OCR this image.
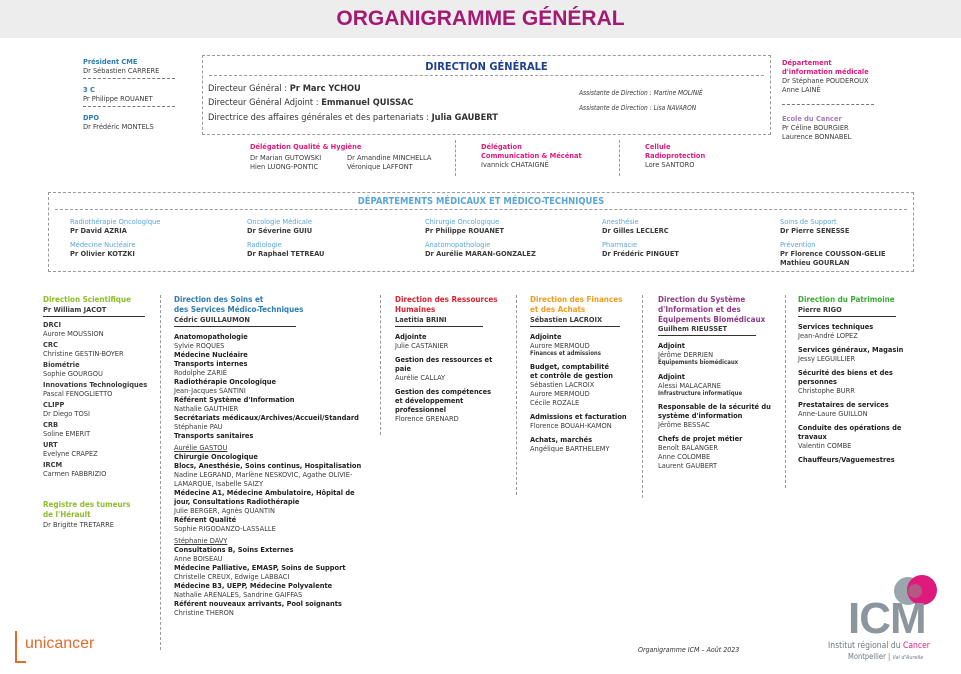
ORGANIGRAMME GÉNÉRAL
Président CME
Dr Sébastien CARRERE
3 C
Pr Philippe ROUANET
DPO
Dr Frédéric MONTELS
DIRECTION GÉNÉRALE
Directeur Général : Pr Marc YCHOU
Directeur Général Adjoint : Emmanuel QUISSAC
Directrice des affaires générales et des partenariats : Julia GAUBERT
Assistante de Direction : Martine MOLINIÉ
Assistante de Direction : Lisa NAVARON
Département
d'information médicale
Dr Stéphane POUDEROUX
Anne LAINÉ
Ecole du Cancer
Pr Céline BOURGIER
Laurence BONNABEL
Délégation Qualité & Hygiène
Dr Marian GUTOWSKI
Hien LUONG-PONTIC
Dr Amandine MINCHELLA
Véronique LAFFONT
Délégation
Communication & Mécénat
Ivannick CHATAIGNÉ
Cellule
Radioprotection
Lore SANTORO
DÉPARTEMENTS MÉDICAUX ET MÉDICO-TECHNIQUES
Radiothérapie Oncologique
Pr David AZRIA
Oncologie Médicale
Dr Séverine GUIU
Chirurgie Oncologique
Pr Philippe ROUANET
Anesthésie
Dr Gilles LECLERC
Soins de Support
Dr Pierre SENESSE
Médecine Nucléaire
Pr Olivier KOTZKI
Radiologie
Dr Raphael TETREAU
Anatomopathologie
Dr Aurélie MARAN-GONZALEZ
Pharmacie
Dr Frédéric PINGUET
Prévention
Pr Florence COUSSON-GELIE
Mathieu GOURLAN
Direction Scientifique
Pr William JACOT
DRCI
Aurore MOUSSION
CRC
Christine GESTIN-BOYER
Biométrie
Sophie GOURGOU
Innovations Technologiques
Pascal FENOGLIETTO
CLIPP
Dr Diego TOSI
CRB
Soline EMERIT
URT
Evelyne CRAPEZ
IRCM
Carmen FABBRIZIO
Registre des tumeurs
de l'Hérault
Dr Brigitte TRETARRE
Direction des Soins et
des Services Médico-Techniques
Cédric GUILLAUMON
Anatomopathologie
Sylvie ROQUES
Médecine Nucléaire
Transports internes
Rodolphe ZARIÉ
Radiothérapie Oncologique
Jean-Jacques SANTINI
Référent Système d'Information
Nathalie GAUTHIER
Secrétariats médicaux/Archives/Accueil/Standard
Stéphanie PAU
Transports sanitaires
Aurélie GASTOU
Chirurgie Oncologique
Blocs, Anesthésie, Soins continus, Hospitalisation
Nadine LEGRAND, Marlène NESKOVIC, Agathe OLIVIE-
LAMARQUE, Isabelle SAIZY
Médecine A1, Médecine Ambulatoire, Hôpital de
jour, Consultations Radiothérapie
Julie BERGER, Agnès QUANTIN
Référent Qualité
Sophie RIGODANZO-LASSALLE
Stéphanie DAVY
Consultations B, Soins Externes
Anne BOISEAU
Médecine Palliative, EMASP, Soins de Support
Christelle CREUX, Edwige LABBACI
Médecine B3, UEPP, Médecine Polyvalente
Nathalie ARENALES, Sandrine GAIFFAS
Référent nouveaux arrivants, Pool soignants
Christine THERON
Direction des Ressources
Humaines
Laetitia BRINI
Adjointe
Julie CASTANIER
Gestion des ressources et
paie
Aurélie CALLAY
Gestion des compétences
et développement
professionnel
Florence GRENARD
Direction des Finances
et des Achats
Sébastien LACROIX
Adjointe
Aurore MERMOUD
Finances et admissions
Budget, comptabilité
et contrôle de gestion
Sébastien LACROIX
Aurore MERMOUD
Cécile ROZALE
Admissions et facturation
Florence BOUAH-KAMON
Achats, marchés
Angélique BARTHELEMY
Direction du Système
d'Information et des
Équipements Biomédicaux
Guilhem RIEUSSET
Adjoint
Jérôme DERRIEN
Équipements biomédicaux
Adjoint
Alessi MALACARNE
Infrastructure informatique
Responsable de la sécurité du
système d'information
Jérôme BESSAC
Chefs de projet métier
Benoît BALANGER
Anne COLOMBE
Laurent GAUBERT
Direction du Patrimoine
Pierre RIGO
Services techniques
Jean-André LOPEZ
Services généraux, Magasin
Jessy LEGUILLIER
Sécurité des biens et des
personnes
Christophe BURR
Prestataires de services
Anne-Laure GUILLON
Conduite des opérations de
travaux
Valentin COMBE
Chauffeurs/Vaguemestres
unicancer	Organigramme ICM – Août 2023
ICM
Institut régional du Cancer
Montpellier | Val d'Aurelle
